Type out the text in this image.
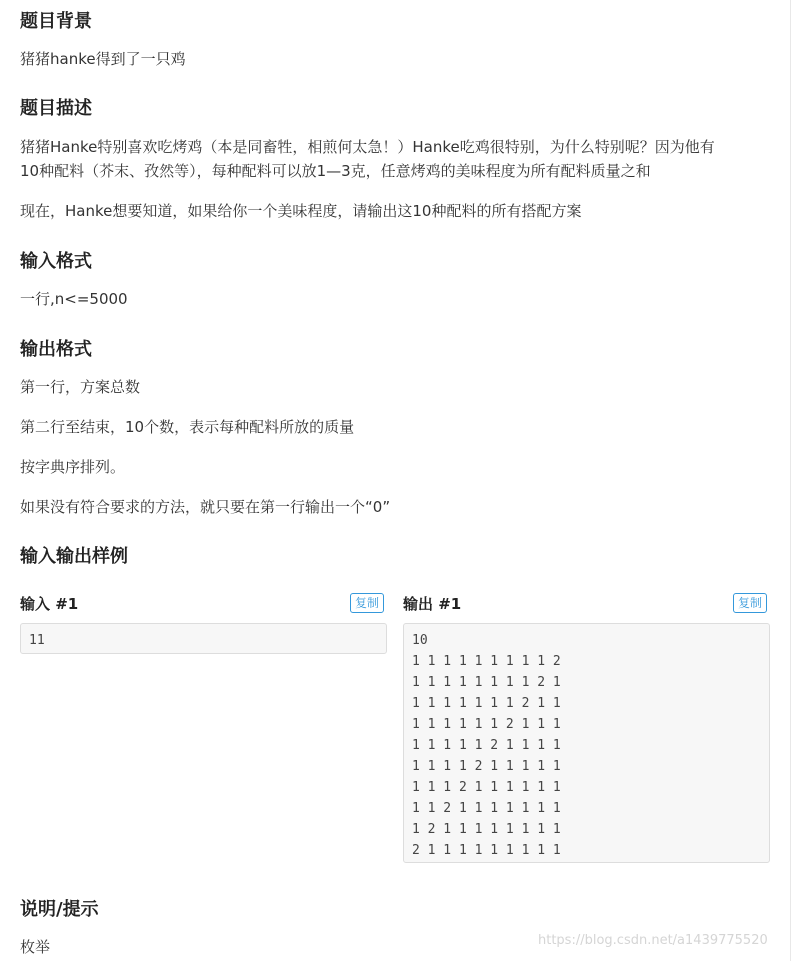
题目背景

猪猪hanke得到了一只鸡

题目描述

猪猪Hanke特别喜欢吃烤鸡（本是同畜牲，相煎何太急！）Hanke吃鸡很特别，为什么特别呢？因为他有

10种配料（芥末、孜然等），每种配料可以放1—3克，任意烤鸡的美味程度为所有配料质量之和

现在，Hanke想要知道，如果给你一个美味程度，请输出这10种配料的所有搭配方案

输入格式

一行,n<=5000

输出格式

第一行，方案总数

第二行至结束，10个数，表示每种配料所放的质量

按字典序排列。

如果没有符合要求的方法，就只要在第一行输出一个“0”

输入输出样例
输入 #1	复制
11
输出 #1	复制
10
1 1 1 1 1 1 1 1 1 2
1 1 1 1 1 1 1 1 2 1
1 1 1 1 1 1 1 2 1 1
1 1 1 1 1 1 2 1 1 1
1 1 1 1 1 2 1 1 1 1
1 1 1 1 2 1 1 1 1 1
1 1 1 2 1 1 1 1 1 1
1 1 2 1 1 1 1 1 1 1
1 2 1 1 1 1 1 1 1 1
2 1 1 1 1 1 1 1 1 1
说明/提示

枚举	https://blog.csdn.net/a1439775520
